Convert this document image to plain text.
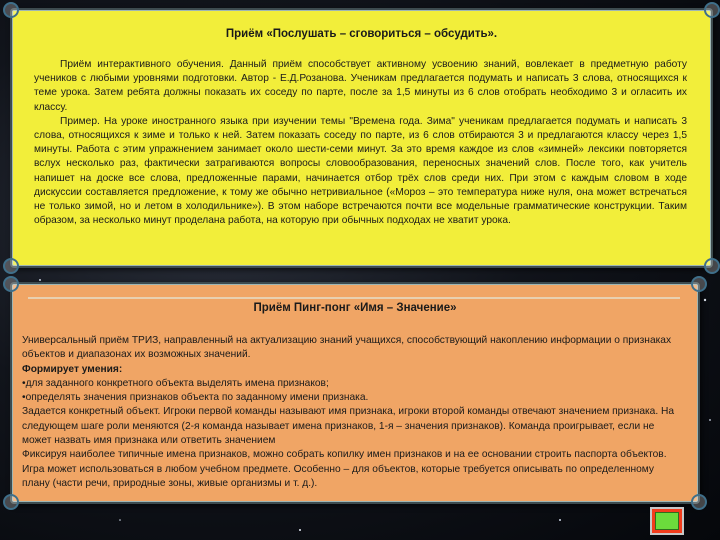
Приём «Послушать – сговориться – обсудить».

Приём интерактивного обучения. Данный приём способствует активному усвоению знаний, вовлекает в предметную работу учеников с любыми уровнями подготовки. Автор - Е.Д.Розанова. Ученикам предлагается подумать и написать 3 слова, относящихся к теме урока. Затем ребята должны показать их соседу по парте, после за 1,5 минуты из 6 слов отобрать необходимо 3 и огласить их классу.

Пример. На уроке иностранного языка при изучении темы "Времена года. Зима" ученикам предлагается подумать и написать 3 слова, относящихся к зиме и только к ней. Затем показать соседу по парте, из 6 слов отбираются 3 и предлагаются классу через 1,5 минуты. Работа с этим упражнением занимает около шести-семи минут. За это время каждое из слов «зимней» лексики повторяется вслух несколько раз, фактически затрагиваются вопросы словообразования, переносных значений слов. После того, как учитель напишет на доске все слова, предложенные парами, начинается отбор трёх слов среди них. При этом с каждым словом в ходе дискуссии составляется предложение, к тому же обычно нетривиальное («Мороз – это температура ниже нуля, она может встречаться не только зимой, но и летом в холодильнике»). В этом наборе встречаются почти все модельные грамматические конструкции. Таким образом, за несколько минут проделана работа, на которую при обычных подходах не хватит урока.

Приём Пинг-понг «Имя – Значение»
Универсальный приём ТРИЗ, направленный на актуализацию знаний учащихся, способствующий накоплению информации о признаках объектов и диапазонах их возможных значений.
Формирует умения:
•для заданного конкретного объекта выделять имена признаков;
•определять значения признаков объекта по заданному имени признака.
Задается конкретный объект. Игроки первой команды называют имя признака, игроки второй команды отвечают значением признака. На следующем шаге роли меняются (2-я команда называет имена признаков, 1-я – значения признаков). Команда проигрывает, если не может назвать имя признака или ответить значением
Фиксируя наиболее типичные имена признаков, можно собрать копилку имен признаков и на ее основании строить паспорта объектов. Игра может использоваться в любом учебном предмете. Особенно – для объектов, которые требуется описывать по определенному плану (части речи, природные зоны, живые организмы и т. д.).
